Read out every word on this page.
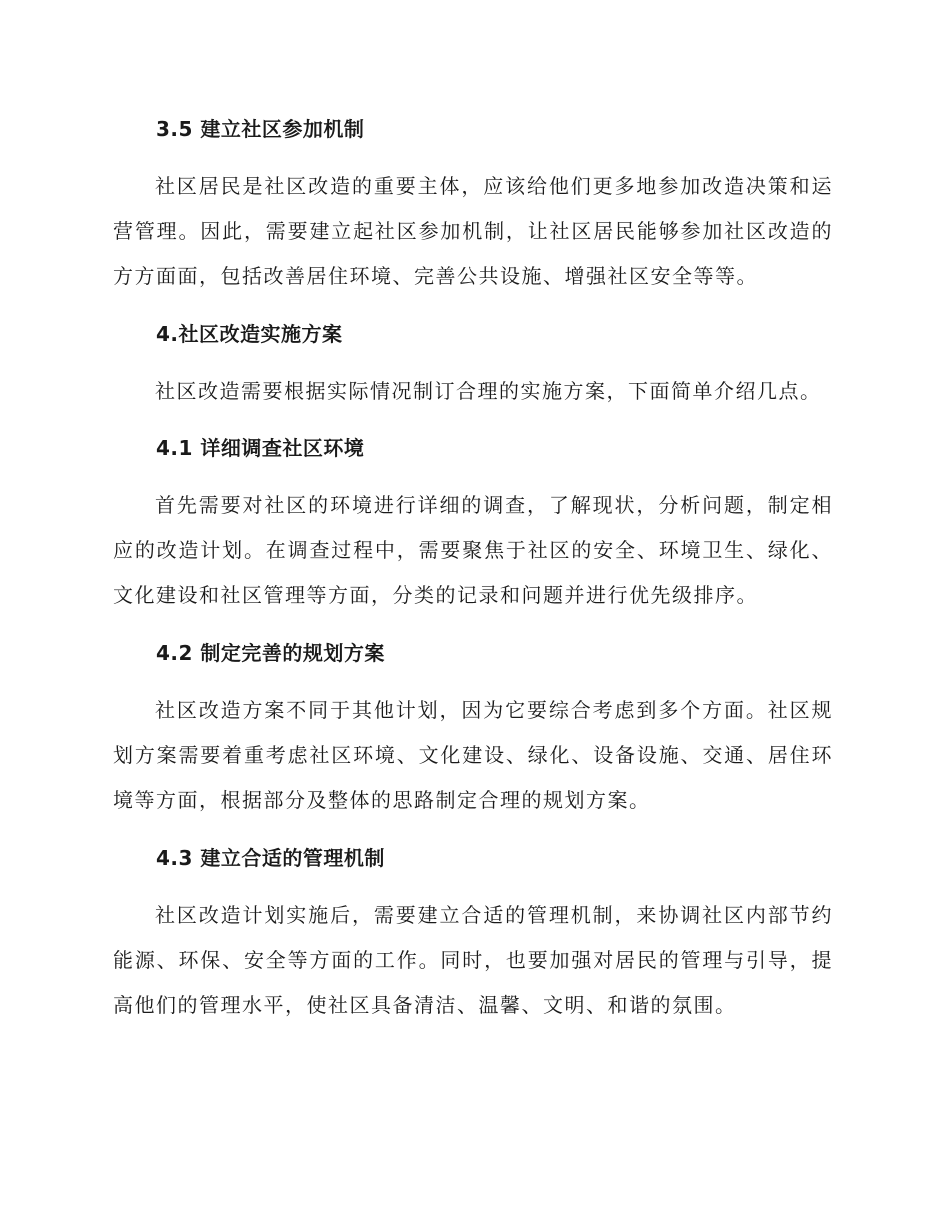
3.5 建立社区参加机制

社区居民是社区改造的重要主体，应该给他们更多地参加改造决策和运营管理。因此，需要建立起社区参加机制，让社区居民能够参加社区改造的方方面面，包括改善居住环境、完善公共设施、增强社区安全等等。

4.社区改造实施方案

社区改造需要根据实际情况制订合理的实施方案，下面简单介绍几点。

4.1 详细调查社区环境

首先需要对社区的环境进行详细的调查，了解现状，分析问题，制定相应的改造计划。在调查过程中，需要聚焦于社区的安全、环境卫生、绿化、文化建设和社区管理等方面，分类的记录和问题并进行优先级排序。

4.2 制定完善的规划方案

社区改造方案不同于其他计划，因为它要综合考虑到多个方面。社区规划方案需要着重考虑社区环境、文化建设、绿化、设备设施、交通、居住环境等方面，根据部分及整体的思路制定合理的规划方案。

4.3 建立合适的管理机制

社区改造计划实施后，需要建立合适的管理机制，来协调社区内部节约能源、环保、安全等方面的工作。同时，也要加强对居民的管理与引导，提高他们的管理水平，使社区具备清洁、温馨、文明、和谐的氛围。
